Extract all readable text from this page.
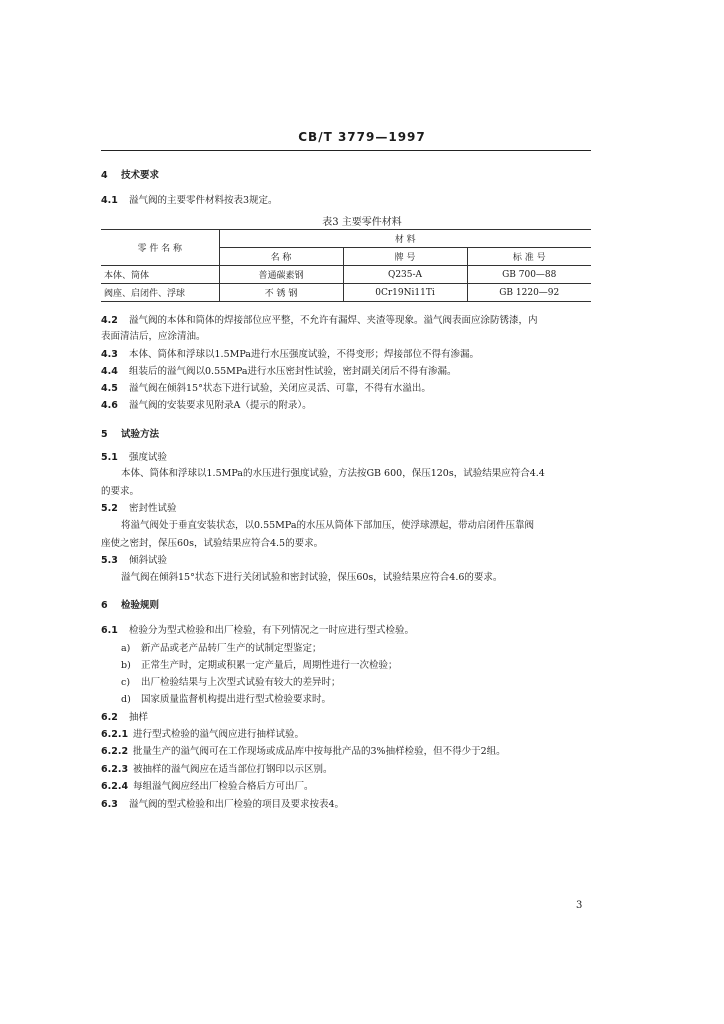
CB/T 3779—1997
4 技术要求
4.1 溢气阀的主要零件材料按表3规定。
表3 主要零件材料
零 件 名 称	材 料		
	名 称	牌 号	标 准 号
本体、筒体	普通碳素钢	Q235-A	GB 700—88
阀座、启闭件、浮球	不 锈 钢	0Cr19Ni11Ti	GB 1220—92
4.2 溢气阀的本体和筒体的焊接部位应平整，不允许有漏焊、夹渣等现象。溢气阀表面应涂防锈漆，内
表面清洁后，应涂清油。
4.3 本体、筒体和浮球以1.5MPa进行水压强度试验，不得变形；焊接部位不得有渗漏。
4.4 组装后的溢气阀以0.55MPa进行水压密封性试验，密封副关闭后不得有渗漏。
4.5 溢气阀在倾斜15°状态下进行试验，关闭应灵活、可靠，不得有水溢出。
4.6 溢气阀的安装要求见附录A（提示的附录）。
5 试验方法
5.1 强度试验
本体、筒体和浮球以1.5MPa的水压进行强度试验，方法按GB 600，保压120s，试验结果应符合4.4
的要求。
5.2 密封性试验
将溢气阀处于垂直安装状态，以0.55MPa的水压从筒体下部加压，使浮球漂起，带动启闭件压靠阀
座使之密封，保压60s，试验结果应符合4.5的要求。
5.3 倾斜试验
溢气阀在倾斜15°状态下进行关闭试验和密封试验，保压60s，试验结果应符合4.6的要求。
6 检验规则
6.1 检验分为型式检验和出厂检验，有下列情况之一时应进行型式检验。
a) 新产品或老产品转厂生产的试制定型鉴定；
b) 正常生产时，定期或积累一定产量后，周期性进行一次检验；
c) 出厂检验结果与上次型式试验有较大的差异时；
d) 国家质量监督机构提出进行型式检验要求时。
6.2 抽样
6.2.1 进行型式检验的溢气阀应进行抽样试验。
6.2.2 批量生产的溢气阀可在工作现场或成品库中按每批产品的3%抽样检验，但不得少于2组。
6.2.3 被抽样的溢气阀应在适当部位打钢印以示区别。
6.2.4 每组溢气阀应经出厂检验合格后方可出厂。
6.3 溢气阀的型式检验和出厂检验的项目及要求按表4。
3
